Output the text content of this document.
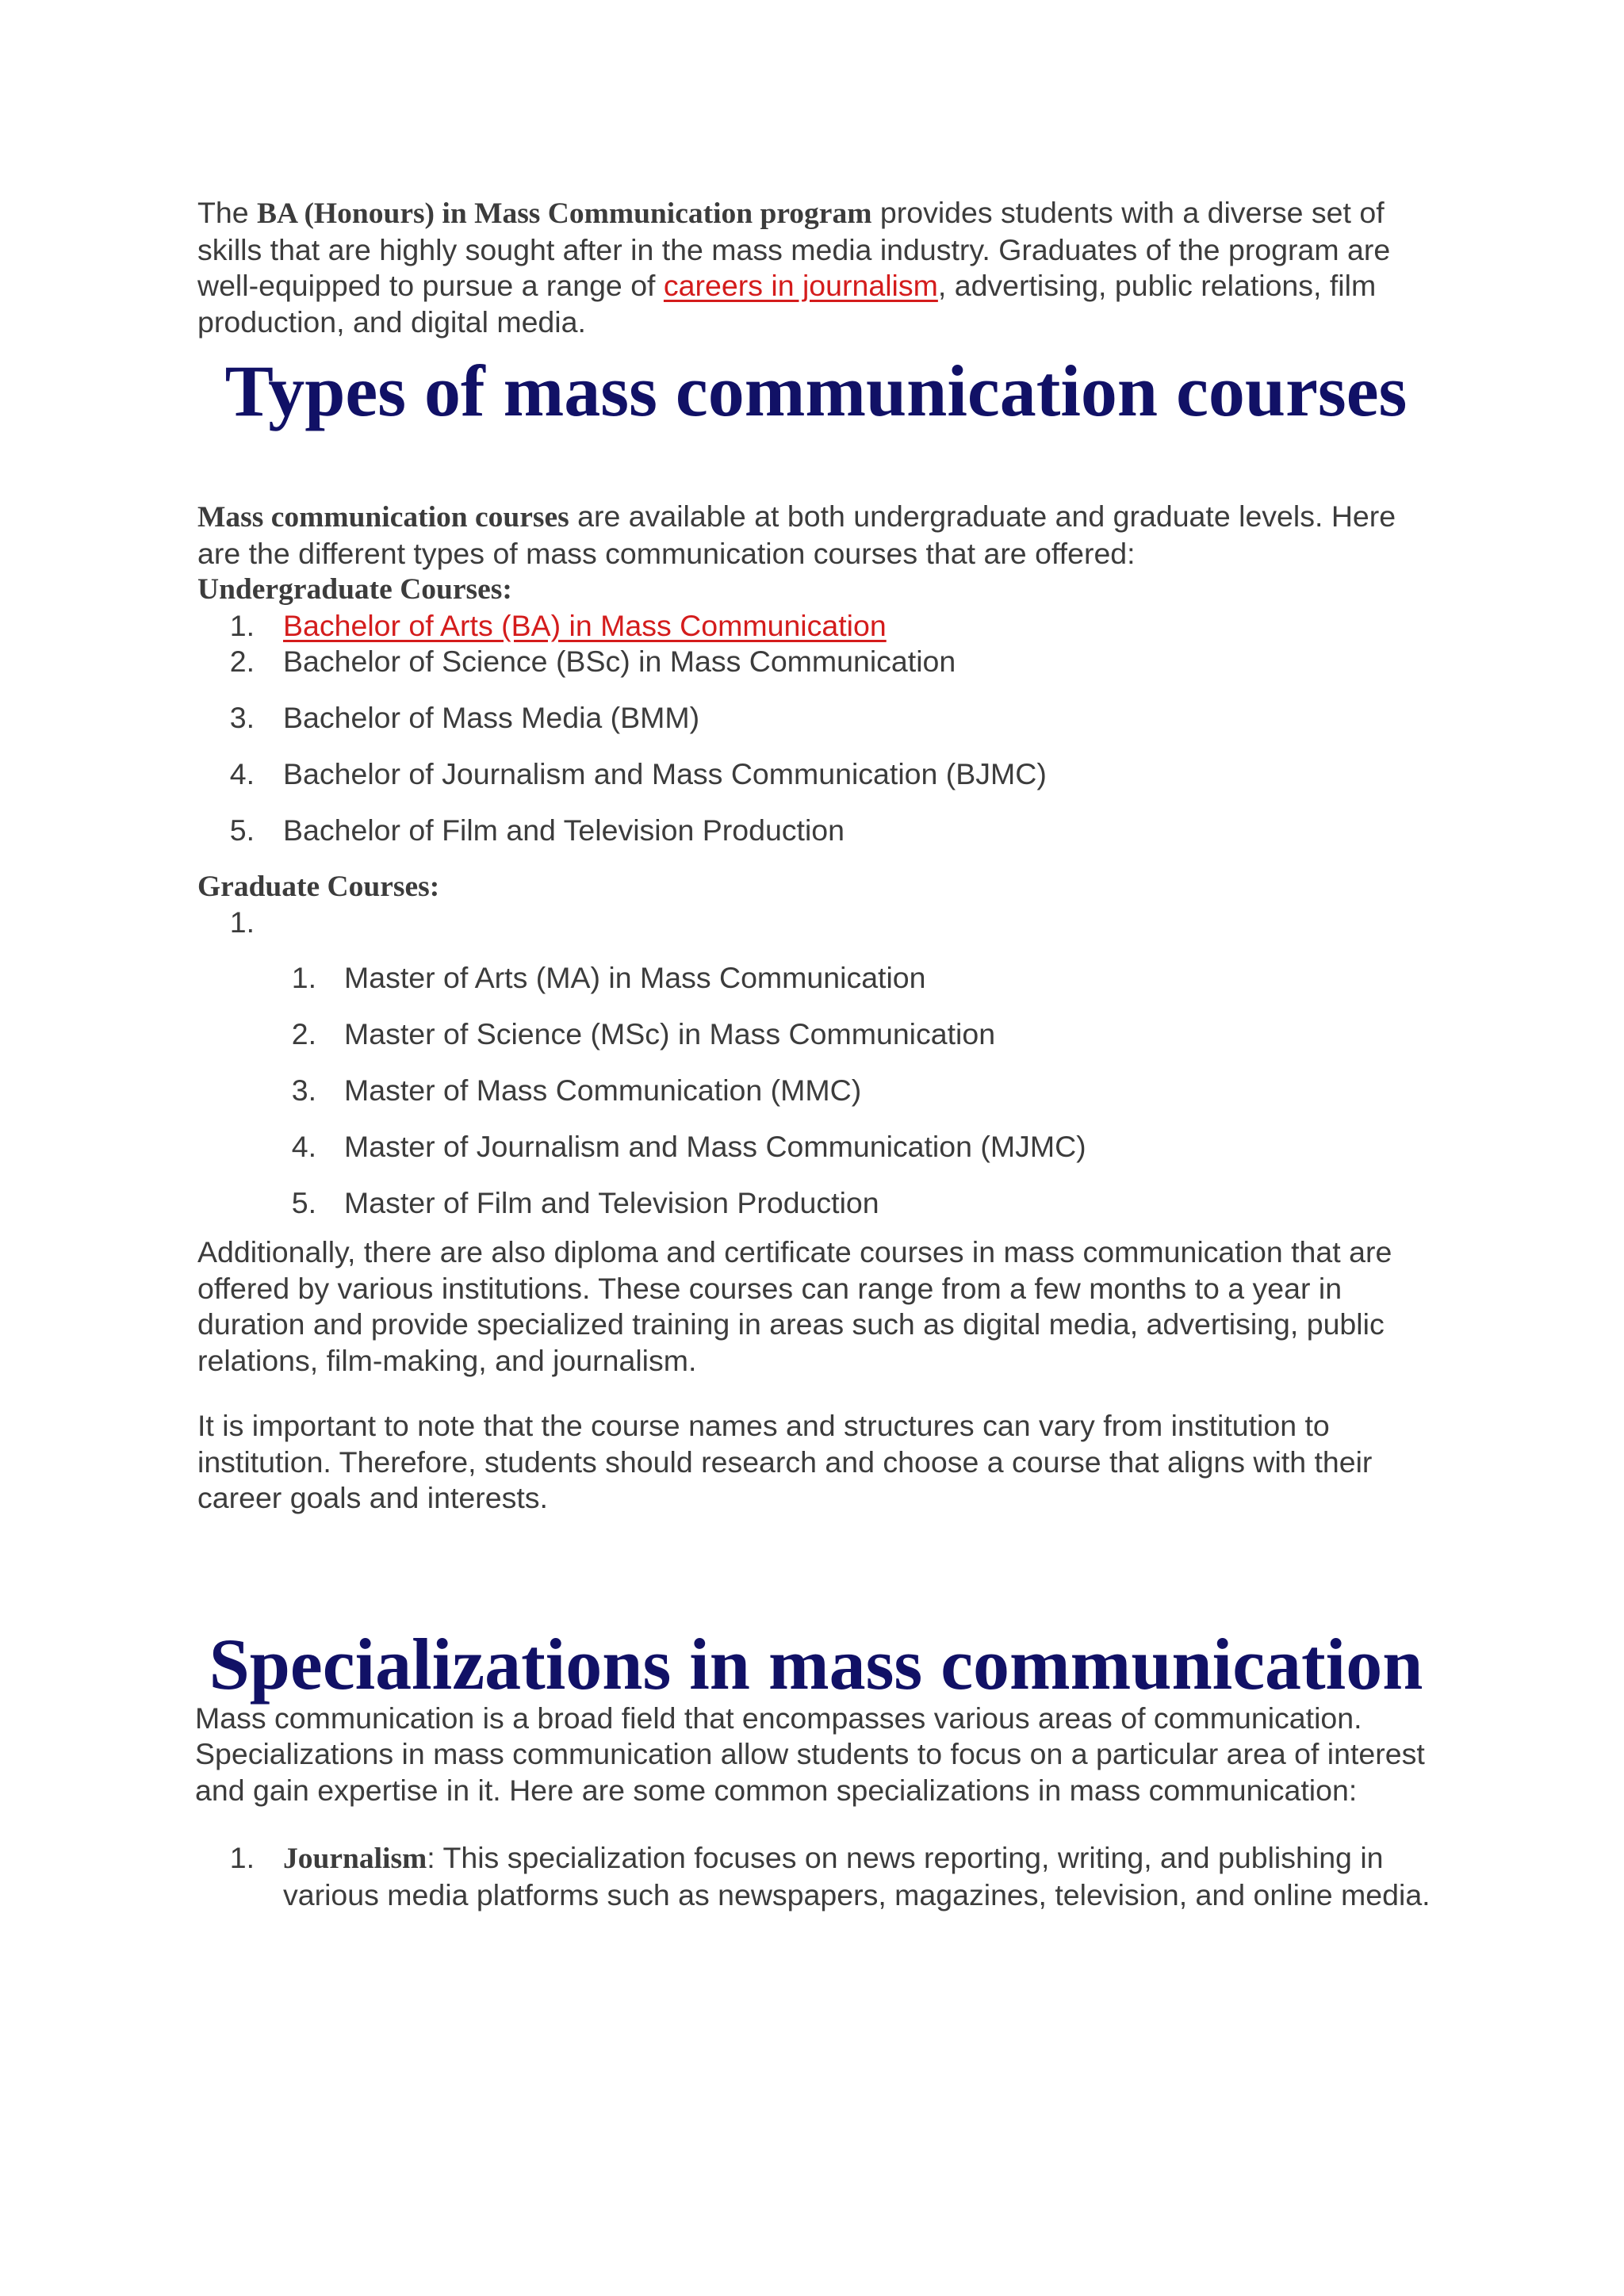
The BA (Honours) in Mass Communication program provides students with a diverse set of skills that are highly sought after in the mass media industry. Graduates of the program are well-equipped to pursue a range of careers in journalism, advertising, public relations, film production, and digital media.

Types of mass communication courses

Mass communication courses are available at both undergraduate and graduate levels. Here are the different types of mass communication courses that are offered:

Undergraduate Courses:

1. Bachelor of Arts (BA) in Mass Communication
2. Bachelor of Science (BSc) in Mass Communication
3. Bachelor of Mass Media (BMM)
4. Bachelor of Journalism and Mass Communication (BJMC)
5. Bachelor of Film and Television Production

Graduate Courses:

1.
1. Master of Arts (MA) in Mass Communication
2. Master of Science (MSc) in Mass Communication
3. Master of Mass Communication (MMC)
4. Master of Journalism and Mass Communication (MJMC)
5. Master of Film and Television Production

Additionally, there are also diploma and certificate courses in mass communication that are offered by various institutions. These courses can range from a few months to a year in duration and provide specialized training in areas such as digital media, advertising, public relations, film-making, and journalism.

It is important to note that the course names and structures can vary from institution to institution. Therefore, students should research and choose a course that aligns with their career goals and interests.

Specializations in mass communication

Mass communication is a broad field that encompasses various areas of communication. Specializations in mass communication allow students to focus on a particular area of interest and gain expertise in it. Here are some common specializations in mass communication:

1. Journalism: This specialization focuses on news reporting, writing, and publishing in various media platforms such as newspapers, magazines, television, and online media.
